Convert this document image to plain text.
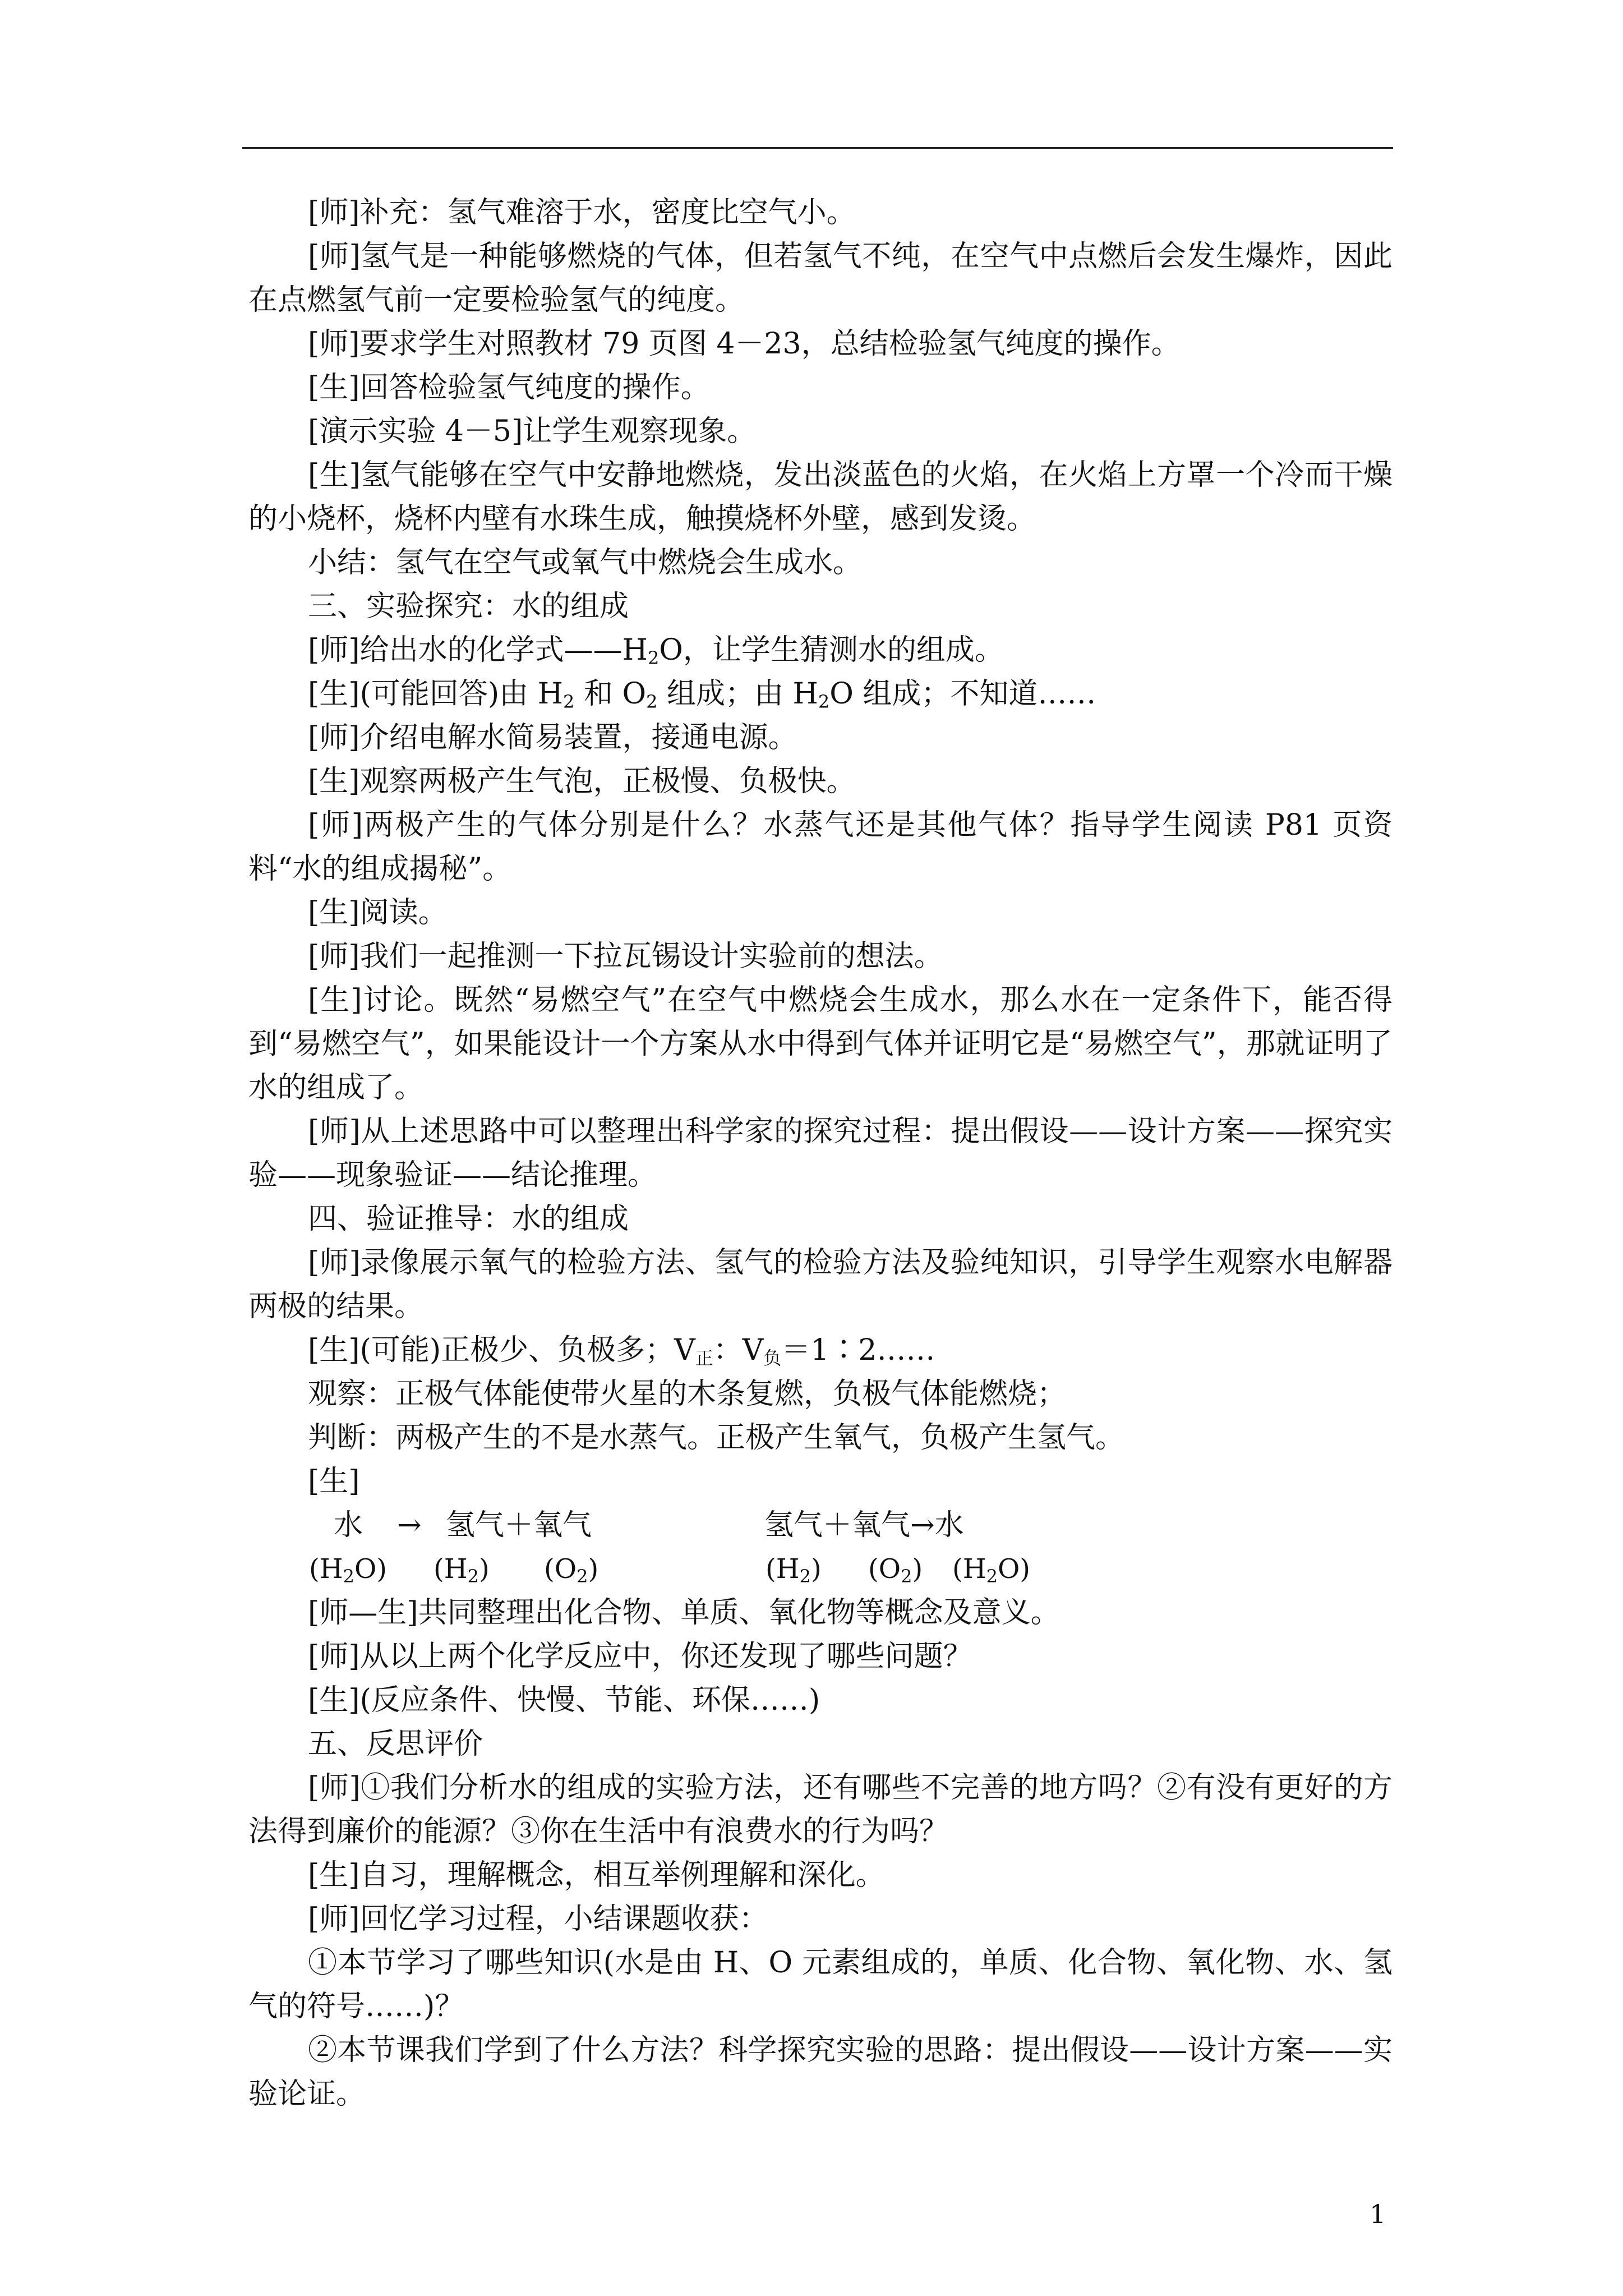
[师]补充：氢气难溶于水，密度比空气小。

[师]氢气是一种能够燃烧的气体，但若氢气不纯，在空气中点燃后会发生爆炸，因此在点燃氢气前一定要检验氢气的纯度。

[师]要求学生对照教材 79 页图 4－23，总结检验氢气纯度的操作。

[生]回答检验氢气纯度的操作。

[演示实验 4－5]让学生观察现象。

[生]氢气能够在空气中安静地燃烧，发出淡蓝色的火焰，在火焰上方罩一个冷而干燥的小烧杯，烧杯内壁有水珠生成，触摸烧杯外壁，感到发烫。

小结：氢气在空气或氧气中燃烧会生成水。

三、实验探究：水的组成

[师]给出水的化学式$——H_2O$，让学生猜测水的组成。

[生](可能回答)由 $H_2$ 和 $O_2$ 组成；由 $H_2O$ 组成；不知道……

[师]介绍电解水简易装置，接通电源。

[生]观察两极产生气泡，正极慢、负极快。

[师]两极产生的气体分别是什么？水蒸气还是其他气体？指导学生阅读 P81 页资料“水的组成揭秘”。

[生]阅读。

[师]我们一起推测一下拉瓦锡设计实验前的想法。

[生]讨论。既然“易燃空气”在空气中燃烧会生成水，那么水在一定条件下，能否得到“易燃空气”，如果能设计一个方案从水中得到气体并证明它是“易燃空气”，那就证明了水的组成了。

[师]从上述思路中可以整理出科学家的探究过程：提出假设——设计方案——探究实验——现象验证——结论推理。

四、验证推导：水的组成

[师]录像展示氧气的检验方法、氢气的检验方法及验纯知识，引导学生观察水电解器两极的结果。

[生](可能)正极少、负极多；$V_正$：$V_负=1∶2\dots\dots$

观察：正极气体能使带火星的木条复燃，负极气体能燃烧；

判断：两极产生的不是水蒸气。正极产生氧气，负极产生氢气。

[生]

水 → 氢气＋氧气	氢气＋氧气→水
$(H_2O)$ $(H_2)$ $(O_2)$	$(H_2)$ $(O_2)$ $(H_2O)$

[师—生]共同整理出化合物、单质、氧化物等概念及意义。

[师]从以上两个化学反应中，你还发现了哪些问题？

[生](反应条件、快慢、节能、环保……)

五、反思评价

[师]①我们分析水的组成的实验方法，还有哪些不完善的地方吗？②有没有更好的方法得到廉价的能源？③你在生活中有浪费水的行为吗？

[生]自习，理解概念，相互举例理解和深化。

[师]回忆学习过程，小结课题收获：

①本节学习了哪些知识(水是由 H、O 元素组成的，单质、化合物、氧化物、水、氢气的符号……)？

②本节课我们学到了什么方法？科学探究实验的思路：提出假设——设计方案——实验论证。

1
